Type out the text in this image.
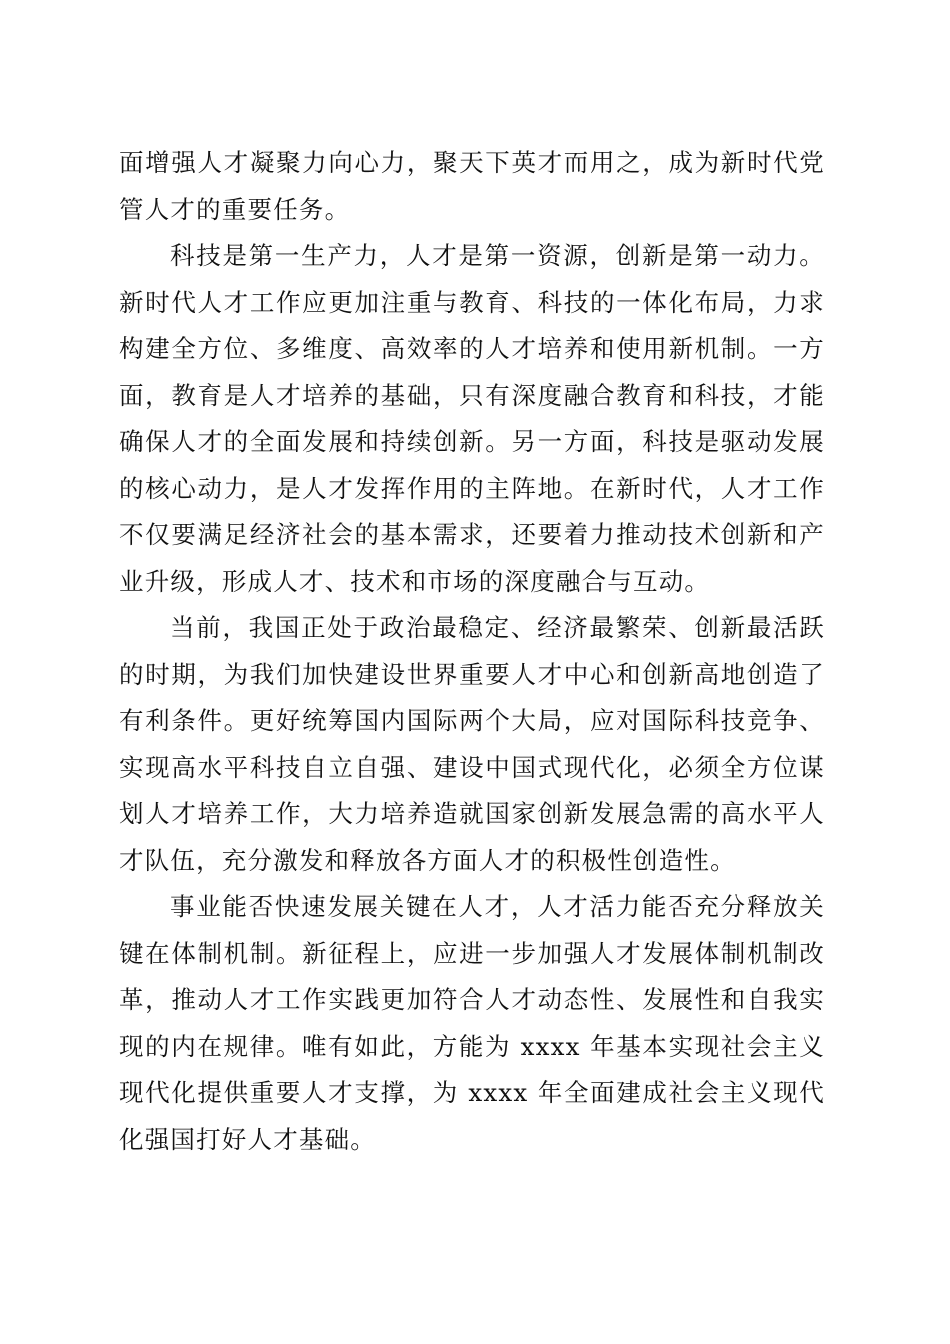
面增强人才凝聚力向心力，聚天下英才而用之，成为新时代党管人才的重要任务。

科技是第一生产力，人才是第一资源，创新是第一动力。新时代人才工作应更加注重与教育、科技的一体化布局，力求构建全方位、多维度、高效率的人才培养和使用新机制。一方面，教育是人才培养的基础，只有深度融合教育和科技，才能确保人才的全面发展和持续创新。另一方面，科技是驱动发展的核心动力，是人才发挥作用的主阵地。在新时代，人才工作不仅要满足经济社会的基本需求，还要着力推动技术创新和产业升级，形成人才、技术和市场的深度融合与互动。

当前，我国正处于政治最稳定、经济最繁荣、创新最活跃的时期，为我们加快建设世界重要人才中心和创新高地创造了有利条件。更好统筹国内国际两个大局，应对国际科技竞争、实现高水平科技自立自强、建设中国式现代化，必须全方位谋划人才培养工作，大力培养造就国家创新发展急需的高水平人才队伍，充分激发和释放各方面人才的积极性创造性。

事业能否快速发展关键在人才，人才活力能否充分释放关键在体制机制。新征程上，应进一步加强人才发展体制机制改革，推动人才工作实践更加符合人才动态性、发展性和自我实现的内在规律。唯有如此，方能为 xxxx 年基本实现社会主义现代化提供重要人才支撑，为 xxxx 年全面建成社会主义现代化强国打好人才基础。
